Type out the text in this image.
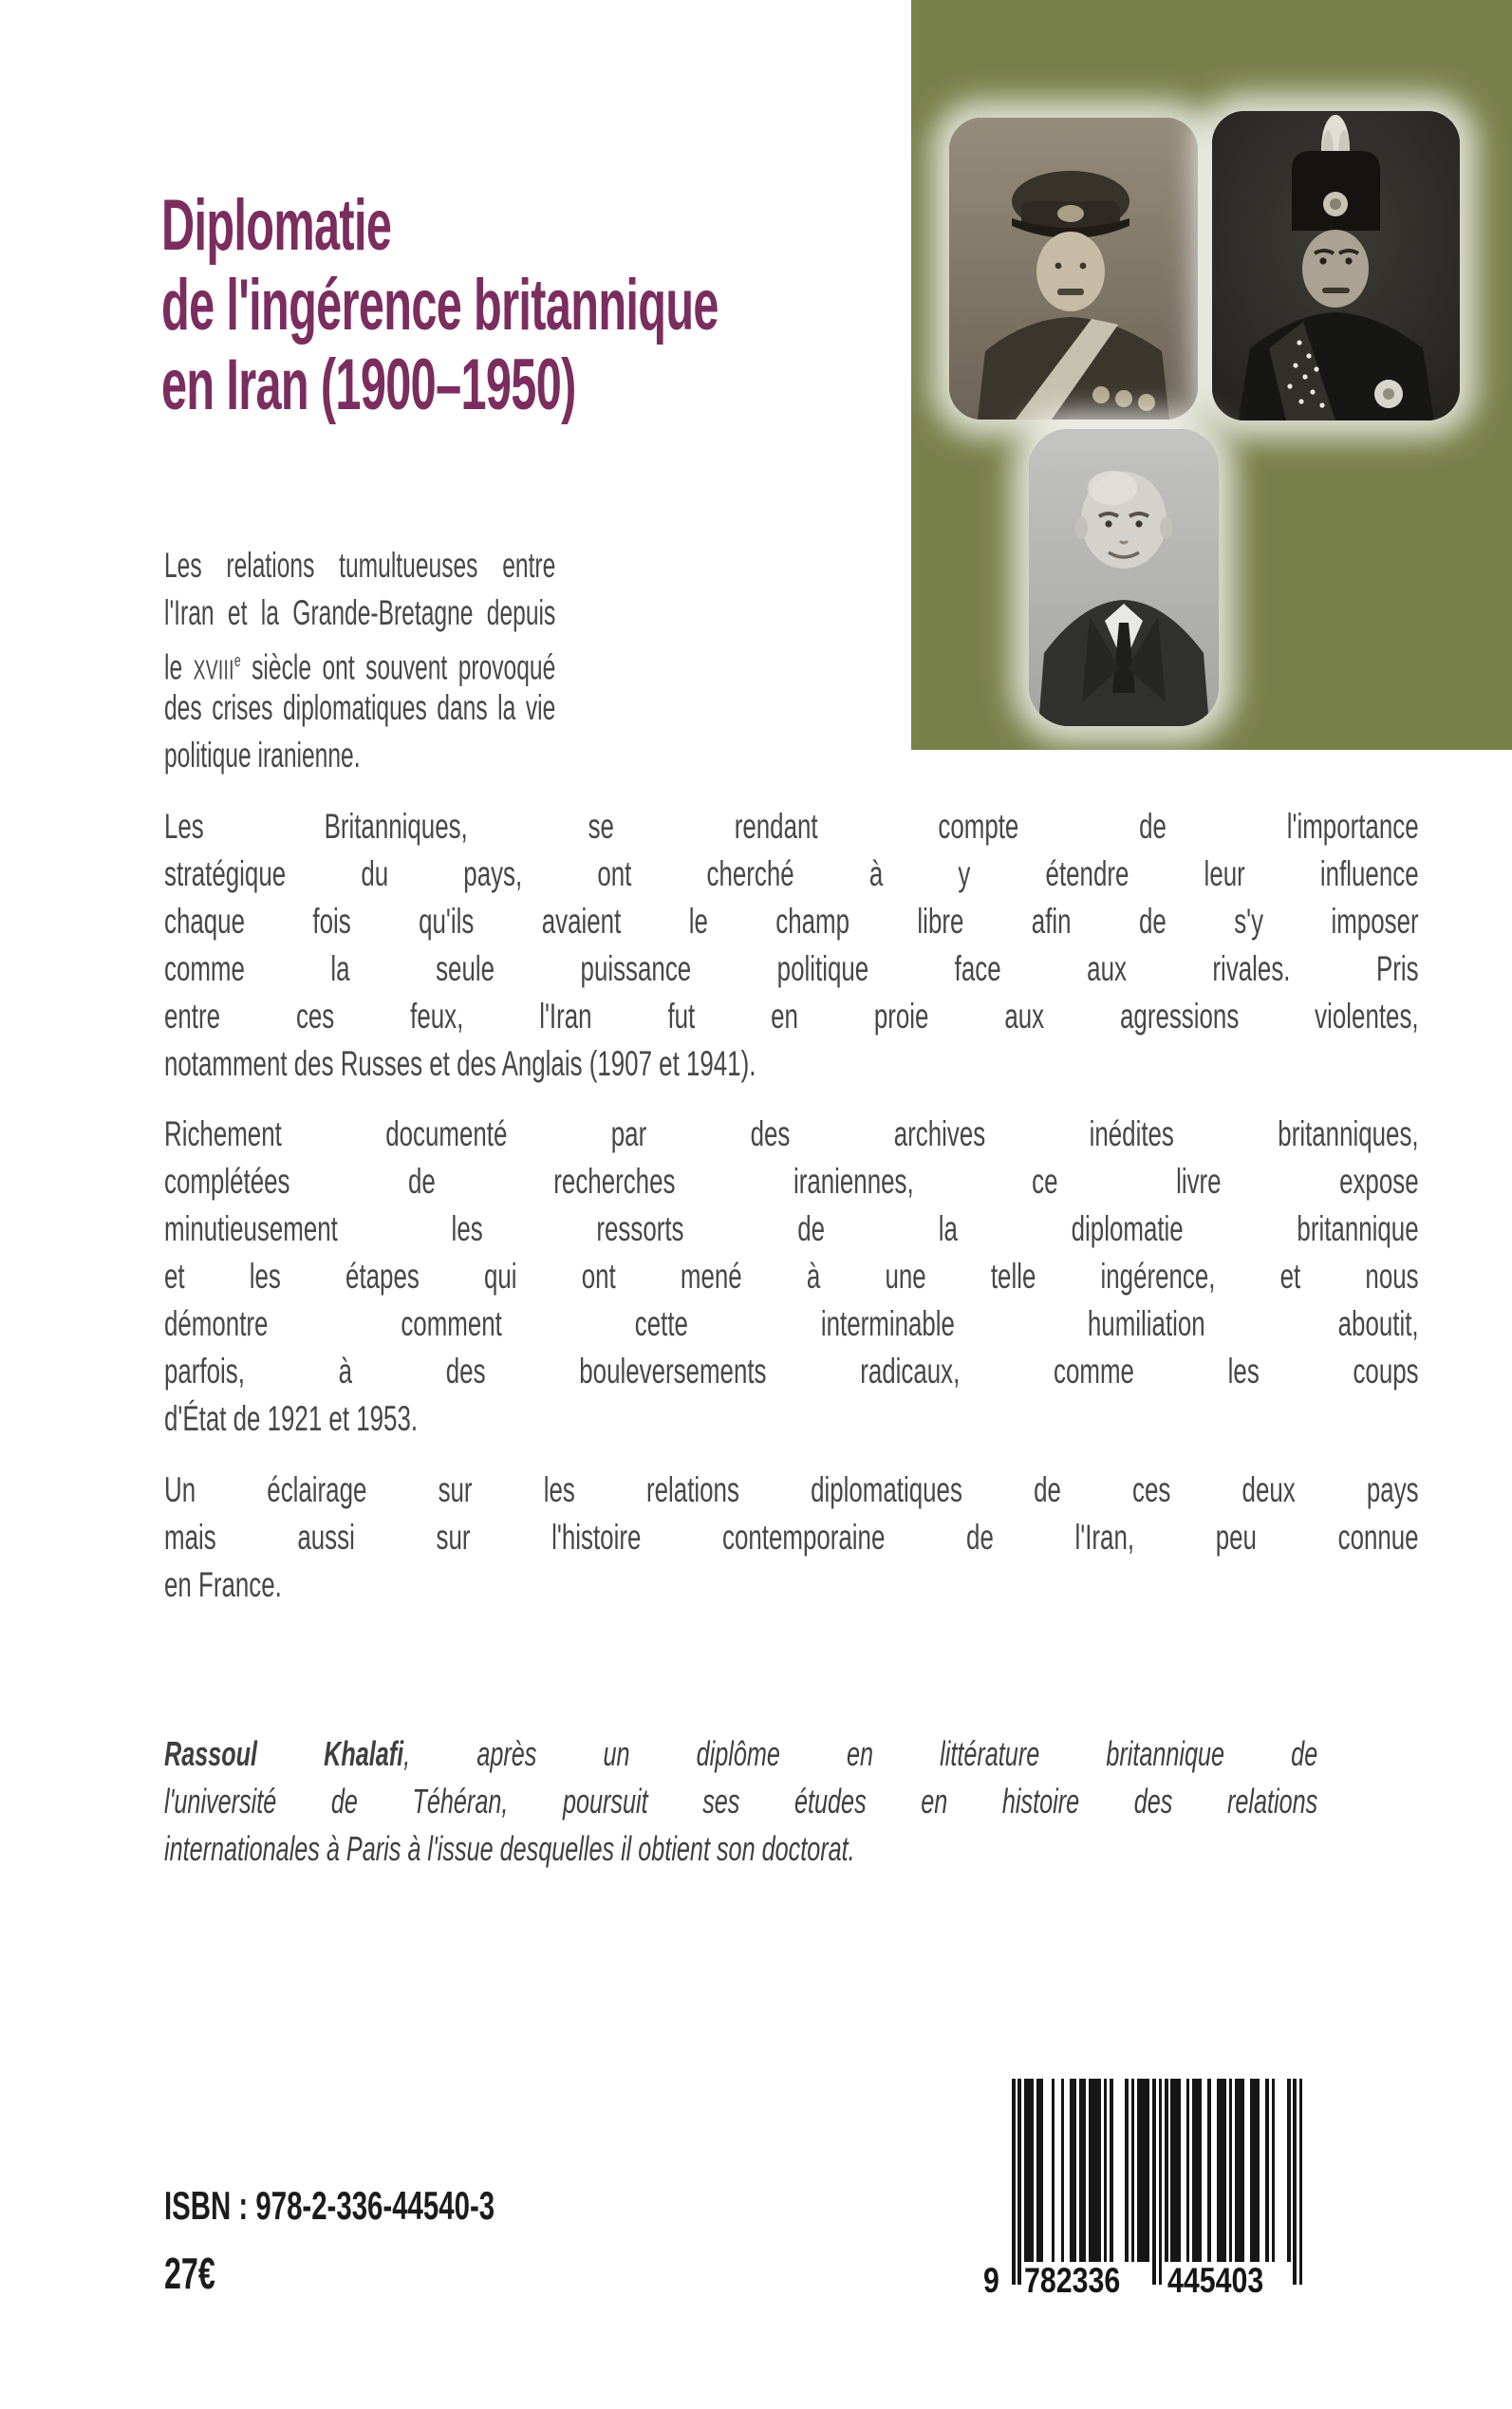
Diplomatie
de l'ingérence britannique
en Iran (1900–1950)
Les relations tumultueuses entre
l'Iran et la Grande-Bretagne depuis
le XVIIIe siècle ont souvent provoqué
des crises diplomatiques dans la vie
politique iranienne.
Les Britanniques, se rendant compte de l'importance
stratégique du pays, ont cherché à y étendre leur influence
chaque fois qu'ils avaient le champ libre afin de s'y imposer
comme la seule puissance politique face aux rivales. Pris
entre ces feux, l'Iran fut en proie aux agressions violentes,
notamment des Russes et des Anglais (1907 et 1941).
Richement documenté par des archives inédites britanniques,
complétées de recherches iraniennes, ce livre expose
minutieusement les ressorts de la diplomatie britannique
et les étapes qui ont mené à une telle ingérence, et nous
démontre comment cette interminable humiliation aboutit,
parfois, à des bouleversements radicaux, comme les coups
d'État de 1921 et 1953.
Un éclairage sur les relations diplomatiques de ces deux pays
mais aussi sur l'histoire contemporaine de l'Iran, peu connue
en France.
Rassoul Khalafi, après un diplôme en littérature britannique de
l'université de Téhéran, poursuit ses études en histoire des relations
internationales à Paris à l'issue desquelles il obtient son doctorat.
ISBN : 978-2-336-44540-3
27€	9 782336 445403
